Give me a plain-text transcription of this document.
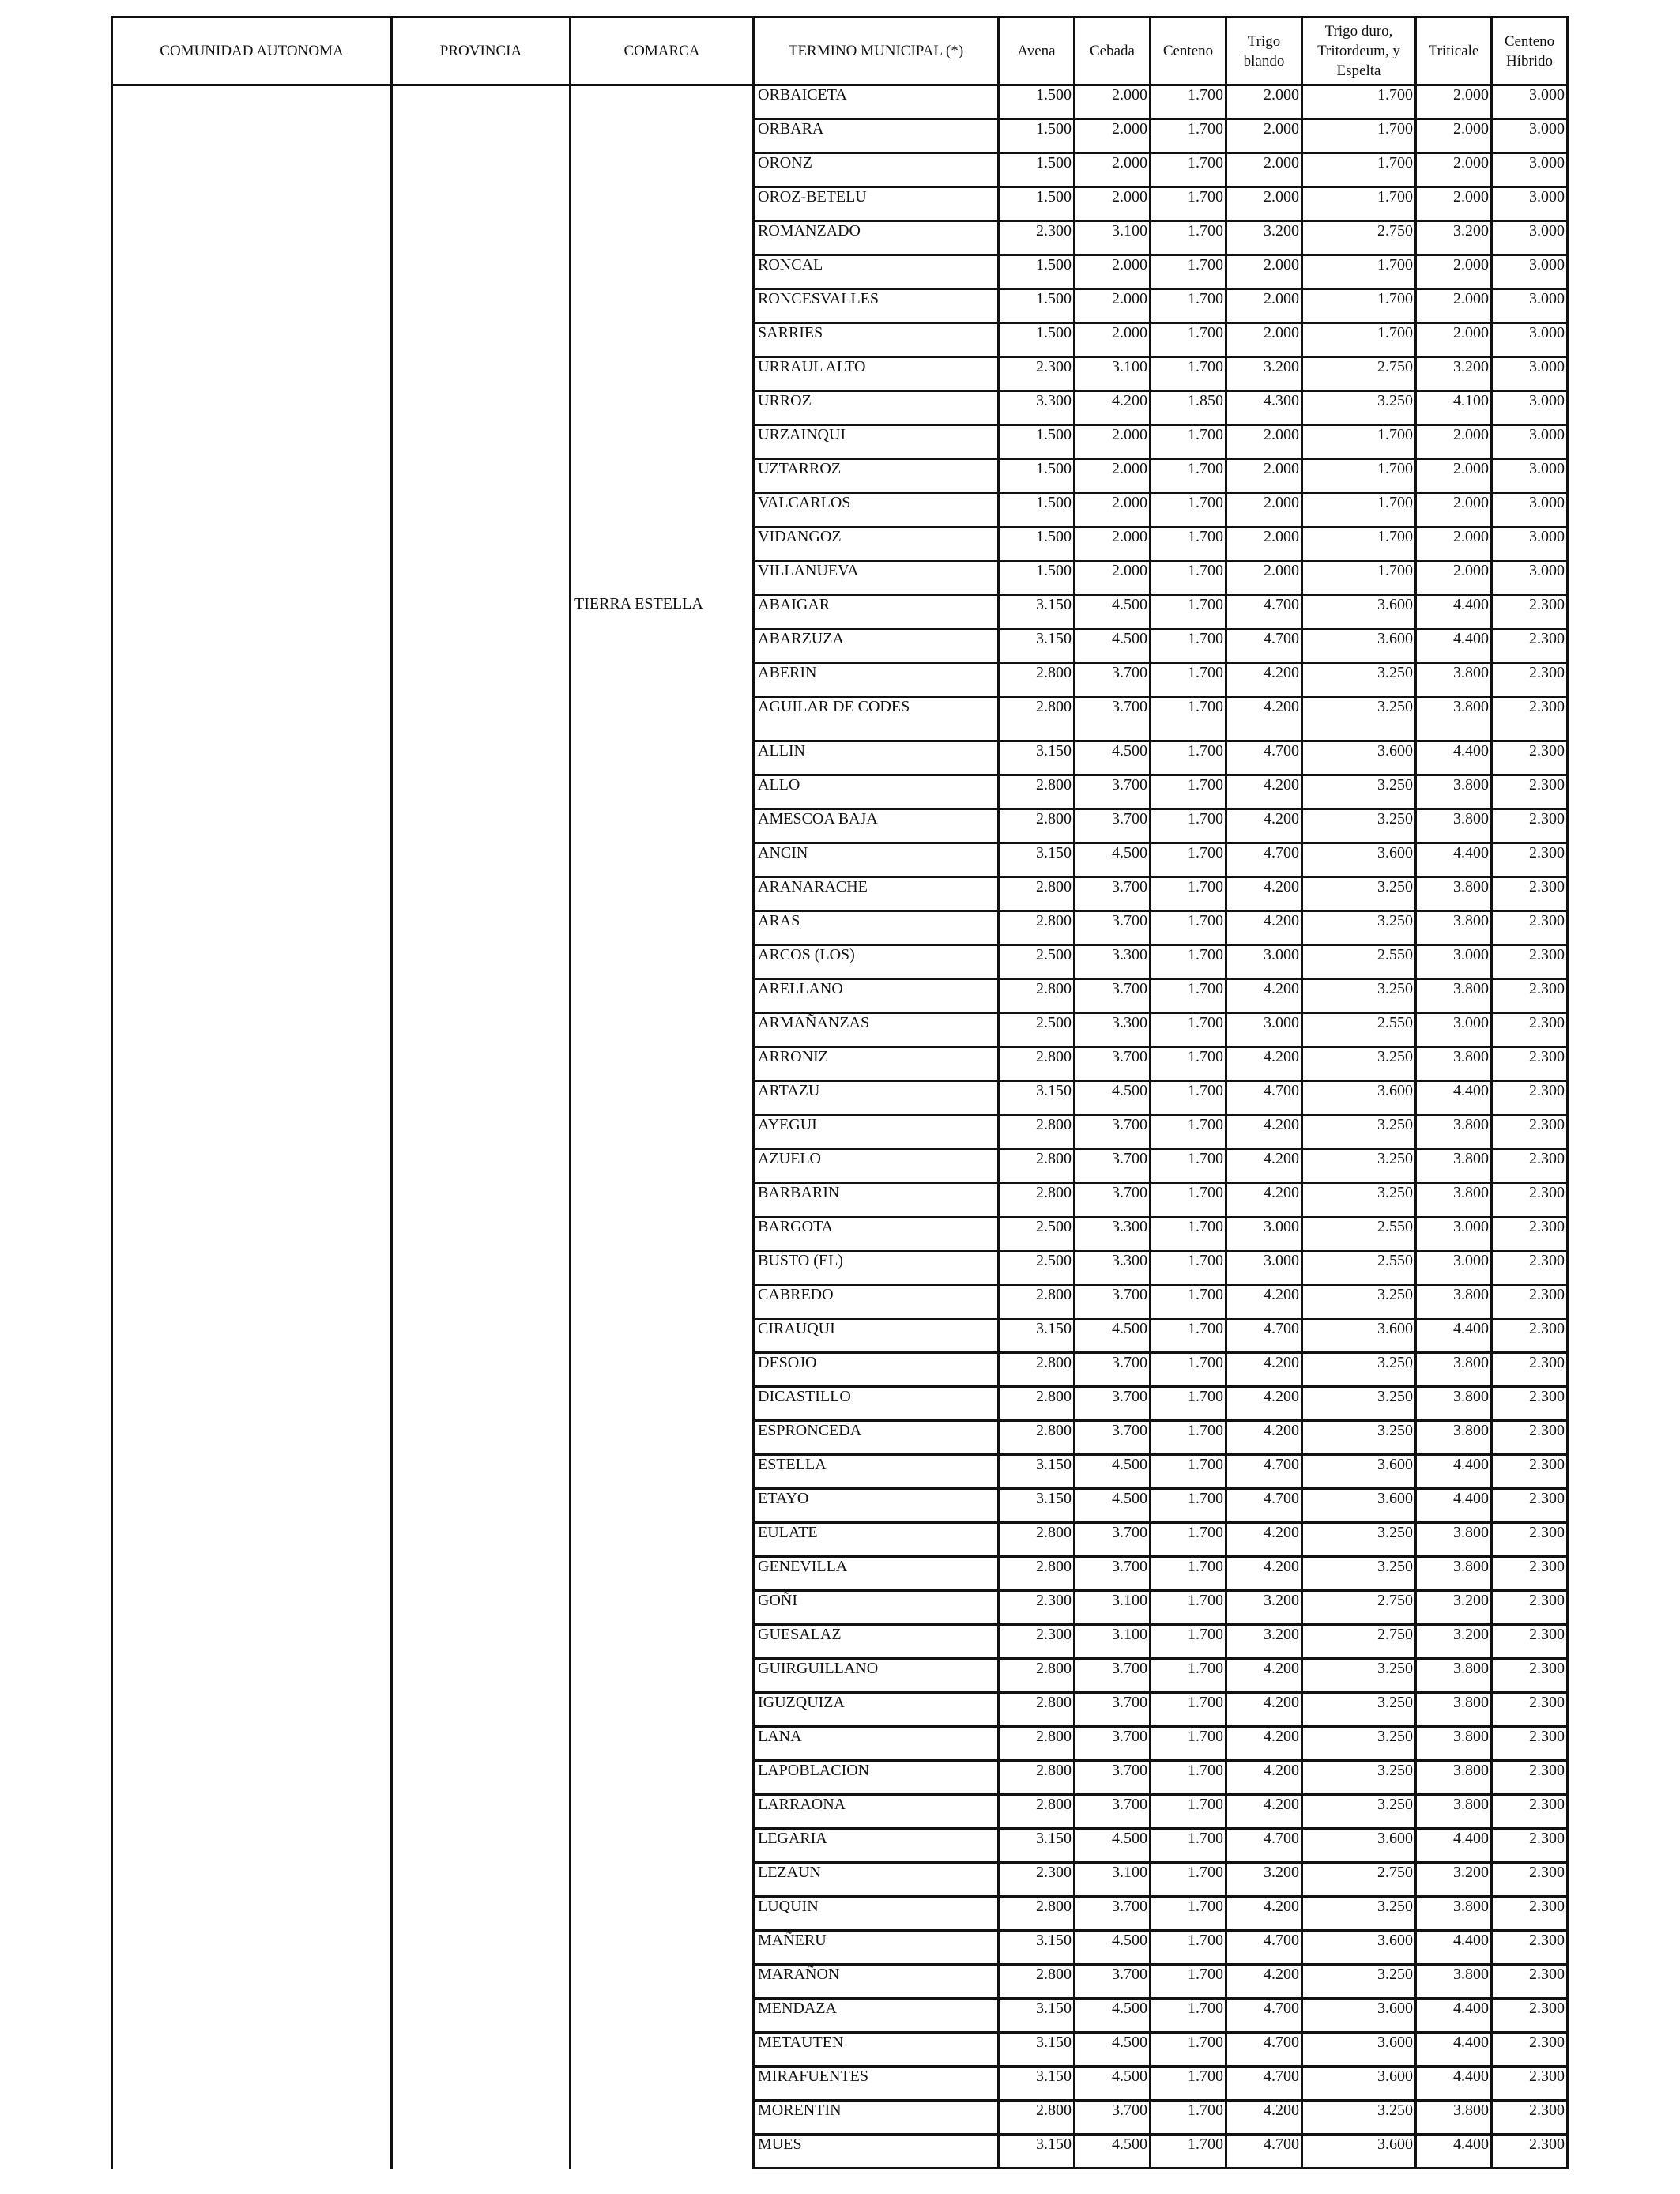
COMUNIDAD AUTONOMA	PROVINCIA	COMARCA	TERMINO MUNICIPAL (*)	Avena	Cebada	Centeno	Trigo blando	Trigo duro, Tritordeum, y Espelta	Triticale	Centeno Híbrido
			ORBAICETA	1.500	2.000	1.700	2.000	1.700	2.000	3.000
			ORBARA	1.500	2.000	1.700	2.000	1.700	2.000	3.000
			ORONZ	1.500	2.000	1.700	2.000	1.700	2.000	3.000
			OROZ-BETELU	1.500	2.000	1.700	2.000	1.700	2.000	3.000
			ROMANZADO	2.300	3.100	1.700	3.200	2.750	3.200	3.000
			RONCAL	1.500	2.000	1.700	2.000	1.700	2.000	3.000
			RONCESVALLES	1.500	2.000	1.700	2.000	1.700	2.000	3.000
			SARRIES	1.500	2.000	1.700	2.000	1.700	2.000	3.000
			URRAUL ALTO	2.300	3.100	1.700	3.200	2.750	3.200	3.000
			URROZ	3.300	4.200	1.850	4.300	3.250	4.100	3.000
			URZAINQUI	1.500	2.000	1.700	2.000	1.700	2.000	3.000
			UZTARROZ	1.500	2.000	1.700	2.000	1.700	2.000	3.000
			VALCARLOS	1.500	2.000	1.700	2.000	1.700	2.000	3.000
			VIDANGOZ	1.500	2.000	1.700	2.000	1.700	2.000	3.000
			VILLANUEVA	1.500	2.000	1.700	2.000	1.700	2.000	3.000
		TIERRA ESTELLA	ABAIGAR	3.150	4.500	1.700	4.700	3.600	4.400	2.300
			ABARZUZA	3.150	4.500	1.700	4.700	3.600	4.400	2.300
			ABERIN	2.800	3.700	1.700	4.200	3.250	3.800	2.300
			AGUILAR DE CODES	2.800	3.700	1.700	4.200	3.250	3.800	2.300
			ALLIN	3.150	4.500	1.700	4.700	3.600	4.400	2.300
			ALLO	2.800	3.700	1.700	4.200	3.250	3.800	2.300
			AMESCOA BAJA	2.800	3.700	1.700	4.200	3.250	3.800	2.300
			ANCIN	3.150	4.500	1.700	4.700	3.600	4.400	2.300
			ARANARACHE	2.800	3.700	1.700	4.200	3.250	3.800	2.300
			ARAS	2.800	3.700	1.700	4.200	3.250	3.800	2.300
			ARCOS (LOS)	2.500	3.300	1.700	3.000	2.550	3.000	2.300
			ARELLANO	2.800	3.700	1.700	4.200	3.250	3.800	2.300
			ARMAÑANZAS	2.500	3.300	1.700	3.000	2.550	3.000	2.300
			ARRONIZ	2.800	3.700	1.700	4.200	3.250	3.800	2.300
			ARTAZU	3.150	4.500	1.700	4.700	3.600	4.400	2.300
			AYEGUI	2.800	3.700	1.700	4.200	3.250	3.800	2.300
			AZUELO	2.800	3.700	1.700	4.200	3.250	3.800	2.300
			BARBARIN	2.800	3.700	1.700	4.200	3.250	3.800	2.300
			BARGOTA	2.500	3.300	1.700	3.000	2.550	3.000	2.300
			BUSTO (EL)	2.500	3.300	1.700	3.000	2.550	3.000	2.300
			CABREDO	2.800	3.700	1.700	4.200	3.250	3.800	2.300
			CIRAUQUI	3.150	4.500	1.700	4.700	3.600	4.400	2.300
			DESOJO	2.800	3.700	1.700	4.200	3.250	3.800	2.300
			DICASTILLO	2.800	3.700	1.700	4.200	3.250	3.800	2.300
			ESPRONCEDA	2.800	3.700	1.700	4.200	3.250	3.800	2.300
			ESTELLA	3.150	4.500	1.700	4.700	3.600	4.400	2.300
			ETAYO	3.150	4.500	1.700	4.700	3.600	4.400	2.300
			EULATE	2.800	3.700	1.700	4.200	3.250	3.800	2.300
			GENEVILLA	2.800	3.700	1.700	4.200	3.250	3.800	2.300
			GOÑI	2.300	3.100	1.700	3.200	2.750	3.200	2.300
			GUESALAZ	2.300	3.100	1.700	3.200	2.750	3.200	2.300
			GUIRGUILLANO	2.800	3.700	1.700	4.200	3.250	3.800	2.300
			IGUZQUIZA	2.800	3.700	1.700	4.200	3.250	3.800	2.300
			LANA	2.800	3.700	1.700	4.200	3.250	3.800	2.300
			LAPOBLACION	2.800	3.700	1.700	4.200	3.250	3.800	2.300
			LARRAONA	2.800	3.700	1.700	4.200	3.250	3.800	2.300
			LEGARIA	3.150	4.500	1.700	4.700	3.600	4.400	2.300
			LEZAUN	2.300	3.100	1.700	3.200	2.750	3.200	2.300
			LUQUIN	2.800	3.700	1.700	4.200	3.250	3.800	2.300
			MAÑERU	3.150	4.500	1.700	4.700	3.600	4.400	2.300
			MARAÑON	2.800	3.700	1.700	4.200	3.250	3.800	2.300
			MENDAZA	3.150	4.500	1.700	4.700	3.600	4.400	2.300
			METAUTEN	3.150	4.500	1.700	4.700	3.600	4.400	2.300
			MIRAFUENTES	3.150	4.500	1.700	4.700	3.600	4.400	2.300
			MORENTIN	2.800	3.700	1.700	4.200	3.250	3.800	2.300
			MUES	3.150	4.500	1.700	4.700	3.600	4.400	2.300
